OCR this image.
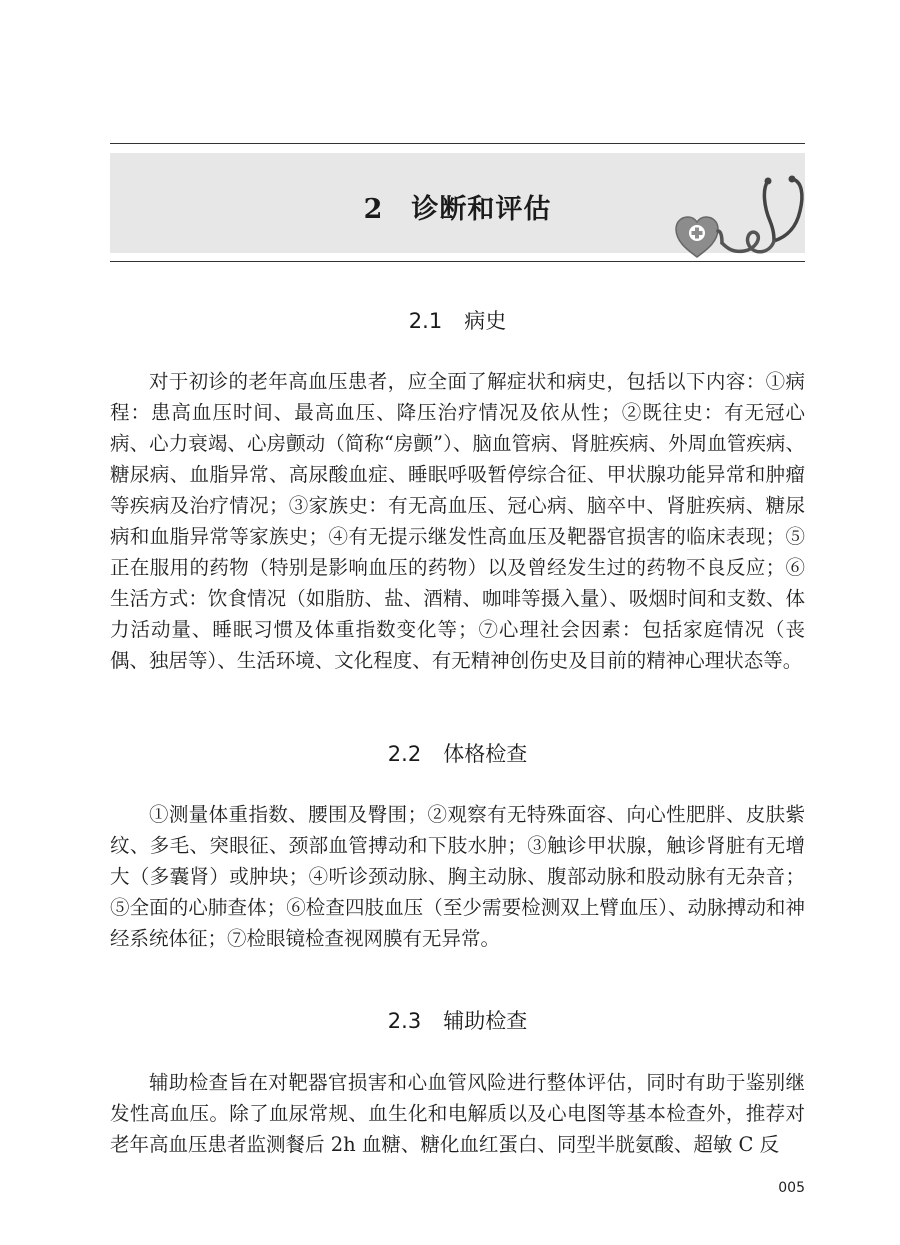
2 诊断和评估
2.1 病史

对于初诊的老年高血压患者，应全面了解症状和病史，包括以下内容：①病程：患高血压时间、最高血压、降压治疗情况及依从性；②既往史：有无冠心病、心力衰竭、心房颤动（简称“房颤”）、脑血管病、肾脏疾病、外周血管疾病、糖尿病、血脂异常、高尿酸血症、睡眠呼吸暂停综合征、甲状腺功能异常和肿瘤等疾病及治疗情况；③家族史：有无高血压、冠心病、脑卒中、肾脏疾病、糖尿病和血脂异常等家族史；④有无提示继发性高血压及靶器官损害的临床表现；⑤正在服用的药物（特别是影响血压的药物）以及曾经发生过的药物不良反应；⑥生活方式：饮食情况（如脂肪、盐、酒精、咖啡等摄入量）、吸烟时间和支数、体力活动量、睡眠习惯及体重指数变化等；⑦心理社会因素：包括家庭情况（丧偶、独居等）、生活环境、文化程度、有无精神创伤史及目前的精神心理状态等。

2.2 体格检查

①测量体重指数、腰围及臀围；②观察有无特殊面容、向心性肥胖、皮肤紫纹、多毛、突眼征、颈部血管搏动和下肢水肿；③触诊甲状腺，触诊肾脏有无增大（多囊肾）或肿块；④听诊颈动脉、胸主动脉、腹部动脉和股动脉有无杂音；⑤全面的心肺查体；⑥检查四肢血压（至少需要检测双上臂血压）、动脉搏动和神经系统体征；⑦检眼镜检查视网膜有无异常。

2.3 辅助检查

辅助检查旨在对靶器官损害和心血管风险进行整体评估，同时有助于鉴别继发性高血压。除了血尿常规、血生化和电解质以及心电图等基本检查外，推荐对老年高血压患者监测餐后 2h 血糖、糖化血红蛋白、同型半胱氨酸、超敏 C 反

005
